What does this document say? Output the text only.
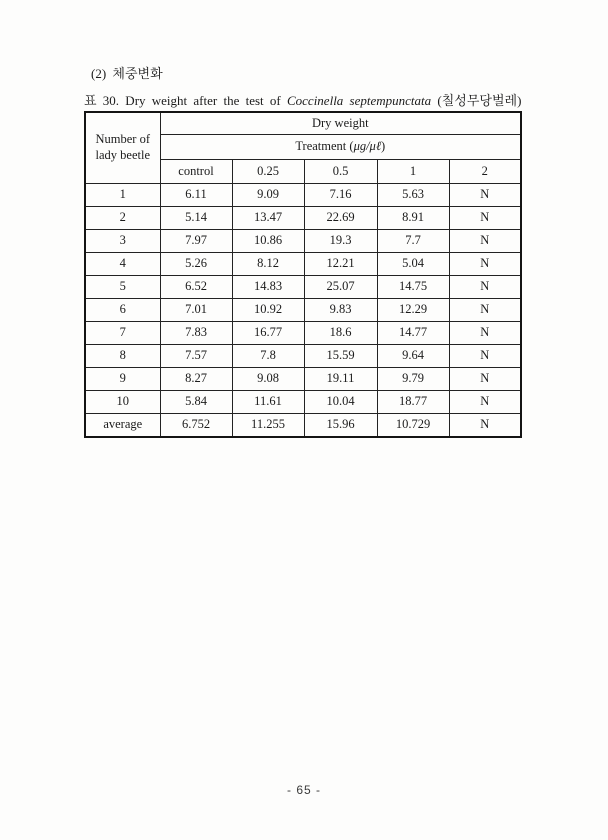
(2) 체중변화
표 30. Dry weight after the test of Coccinella septempunctata (칠성무당벌레)
Number of lady beetle	Dry weight				
	Treatment (μg/μℓ)				
	control	0.25	0.5	1	2
1	6.11	9.09	7.16	5.63	N
2	5.14	13.47	22.69	8.91	N
3	7.97	10.86	19.3	7.7	N
4	5.26	8.12	12.21	5.04	N
5	6.52	14.83	25.07	14.75	N
6	7.01	10.92	9.83	12.29	N
7	7.83	16.77	18.6	14.77	N
8	7.57	7.8	15.59	9.64	N
9	8.27	9.08	19.11	9.79	N
10	5.84	11.61	10.04	18.77	N
average	6.752	11.255	15.96	10.729	N
- 65 -
